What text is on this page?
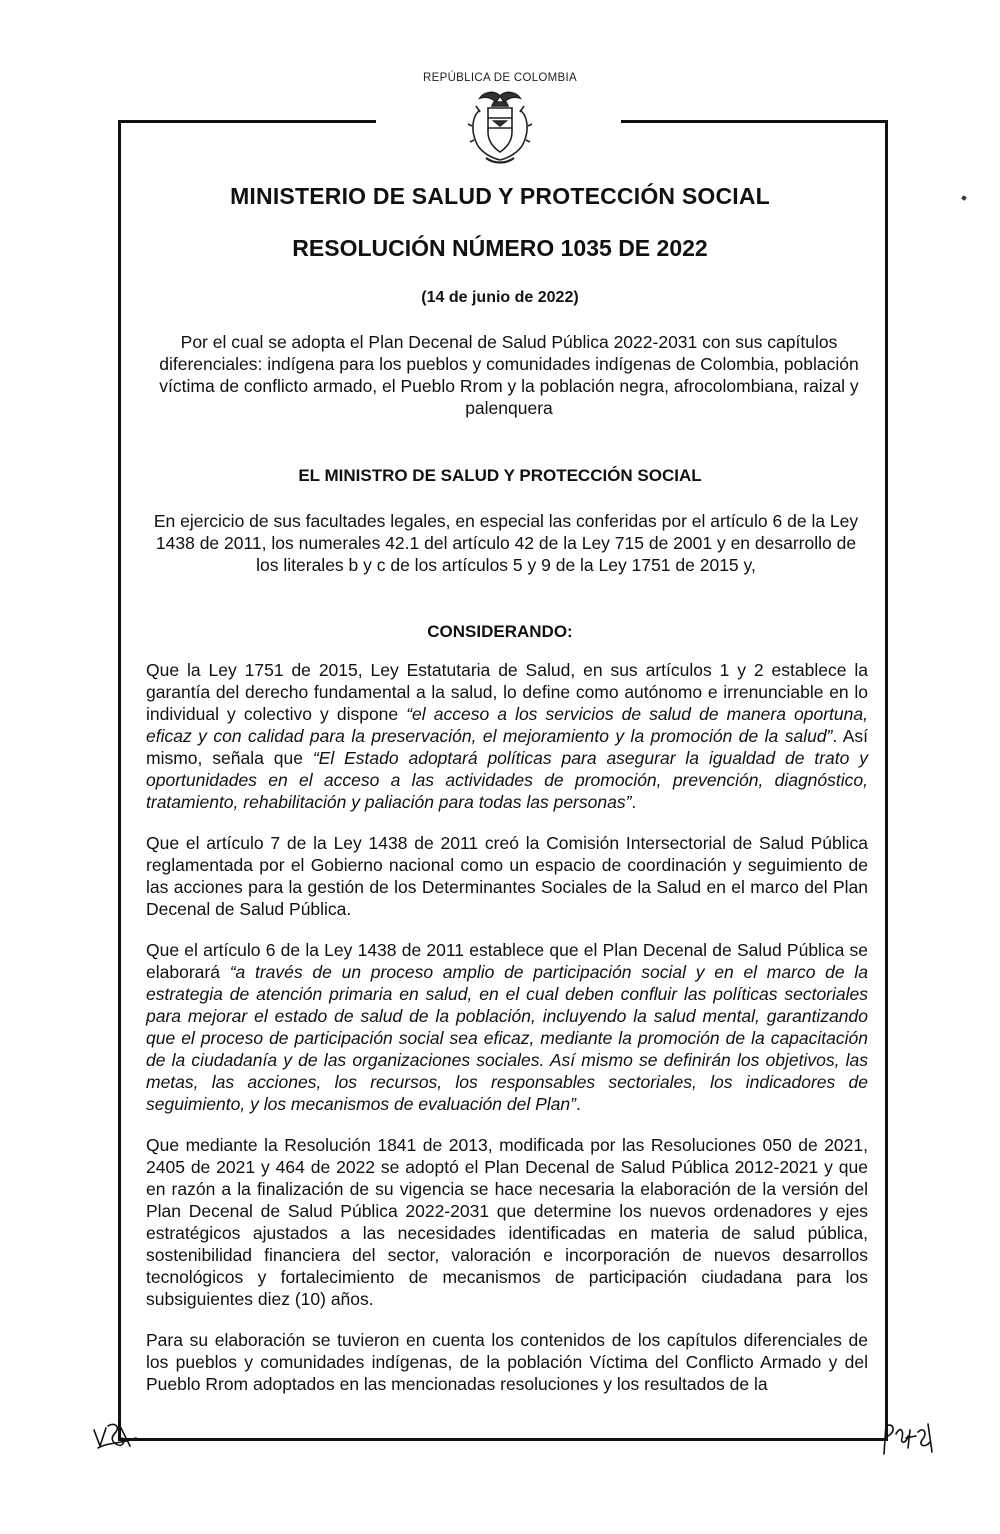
REPÚBLICA DE COLOMBIA
MINISTERIO DE SALUD Y PROTECCIÓN SOCIAL
RESOLUCIÓN NÚMERO 1035 DE 2022
(14 de junio de 2022)
Por el cual se adopta el Plan Decenal de Salud Pública 2022-2031 con sus capítulos diferenciales: indígena para los pueblos y comunidades indígenas de Colombia, población víctima de conflicto armado, el Pueblo Rrom y la población negra, afrocolombiana, raizal y palenquera
EL MINISTRO DE SALUD Y PROTECCIÓN SOCIAL
En ejercicio de sus facultades legales, en especial las conferidas por el artículo 6 de la Ley 1438 de 2011, los numerales 42.1 del artículo 42 de la Ley 715 de 2001 y en desarrollo de los literales b y c de los artículos 5 y 9 de la Ley 1751 de 2015 y,
CONSIDERANDO:

Que la Ley 1751 de 2015, Ley Estatutaria de Salud, en sus artículos 1 y 2 establece la garantía del derecho fundamental a la salud, lo define como autónomo e irrenunciable en lo individual y colectivo y dispone “el acceso a los servicios de salud de manera oportuna, eficaz y con calidad para la preservación, el mejoramiento y la promoción de la salud”. Así mismo, señala que “El Estado adoptará políticas para asegurar la igualdad de trato y oportunidades en el acceso a las actividades de promoción, prevención, diagnóstico, tratamiento, rehabilitación y paliación para todas las personas”.

Que el artículo 7 de la Ley 1438 de 2011 creó la Comisión Intersectorial de Salud Pública reglamentada por el Gobierno nacional como un espacio de coordinación y seguimiento de las acciones para la gestión de los Determinantes Sociales de la Salud en el marco del Plan Decenal de Salud Pública.

Que el artículo 6 de la Ley 1438 de 2011 establece que el Plan Decenal de Salud Pública se elaborará “a través de un proceso amplio de participación social y en el marco de la estrategia de atención primaria en salud, en el cual deben confluir las políticas sectoriales para mejorar el estado de salud de la población, incluyendo la salud mental, garantizando que el proceso de participación social sea eficaz, mediante la promoción de la capacitación de la ciudadanía y de las organizaciones sociales. Así mismo se definirán los objetivos, las metas, las acciones, los recursos, los responsables sectoriales, los indicadores de seguimiento, y los mecanismos de evaluación del Plan”.

Que mediante la Resolución 1841 de 2013, modificada por las Resoluciones 050 de 2021, 2405 de 2021 y 464 de 2022 se adoptó el Plan Decenal de Salud Pública 2012-2021 y que en razón a la finalización de su vigencia se hace necesaria la elaboración de la versión del Plan Decenal de Salud Pública 2022-2031 que determine los nuevos ordenadores y ejes estratégicos ajustados a las necesidades identificadas en materia de salud pública, sostenibilidad financiera del sector, valoración e incorporación de nuevos desarrollos tecnológicos y fortalecimiento de mecanismos de participación ciudadana para los subsiguientes diez (10) años.

Para su elaboración se tuvieron en cuenta los contenidos de los capítulos diferenciales de los pueblos y comunidades indígenas, de la población Víctima del Conflicto Armado y del Pueblo Rrom adoptados en las mencionadas resoluciones y los resultados de la
